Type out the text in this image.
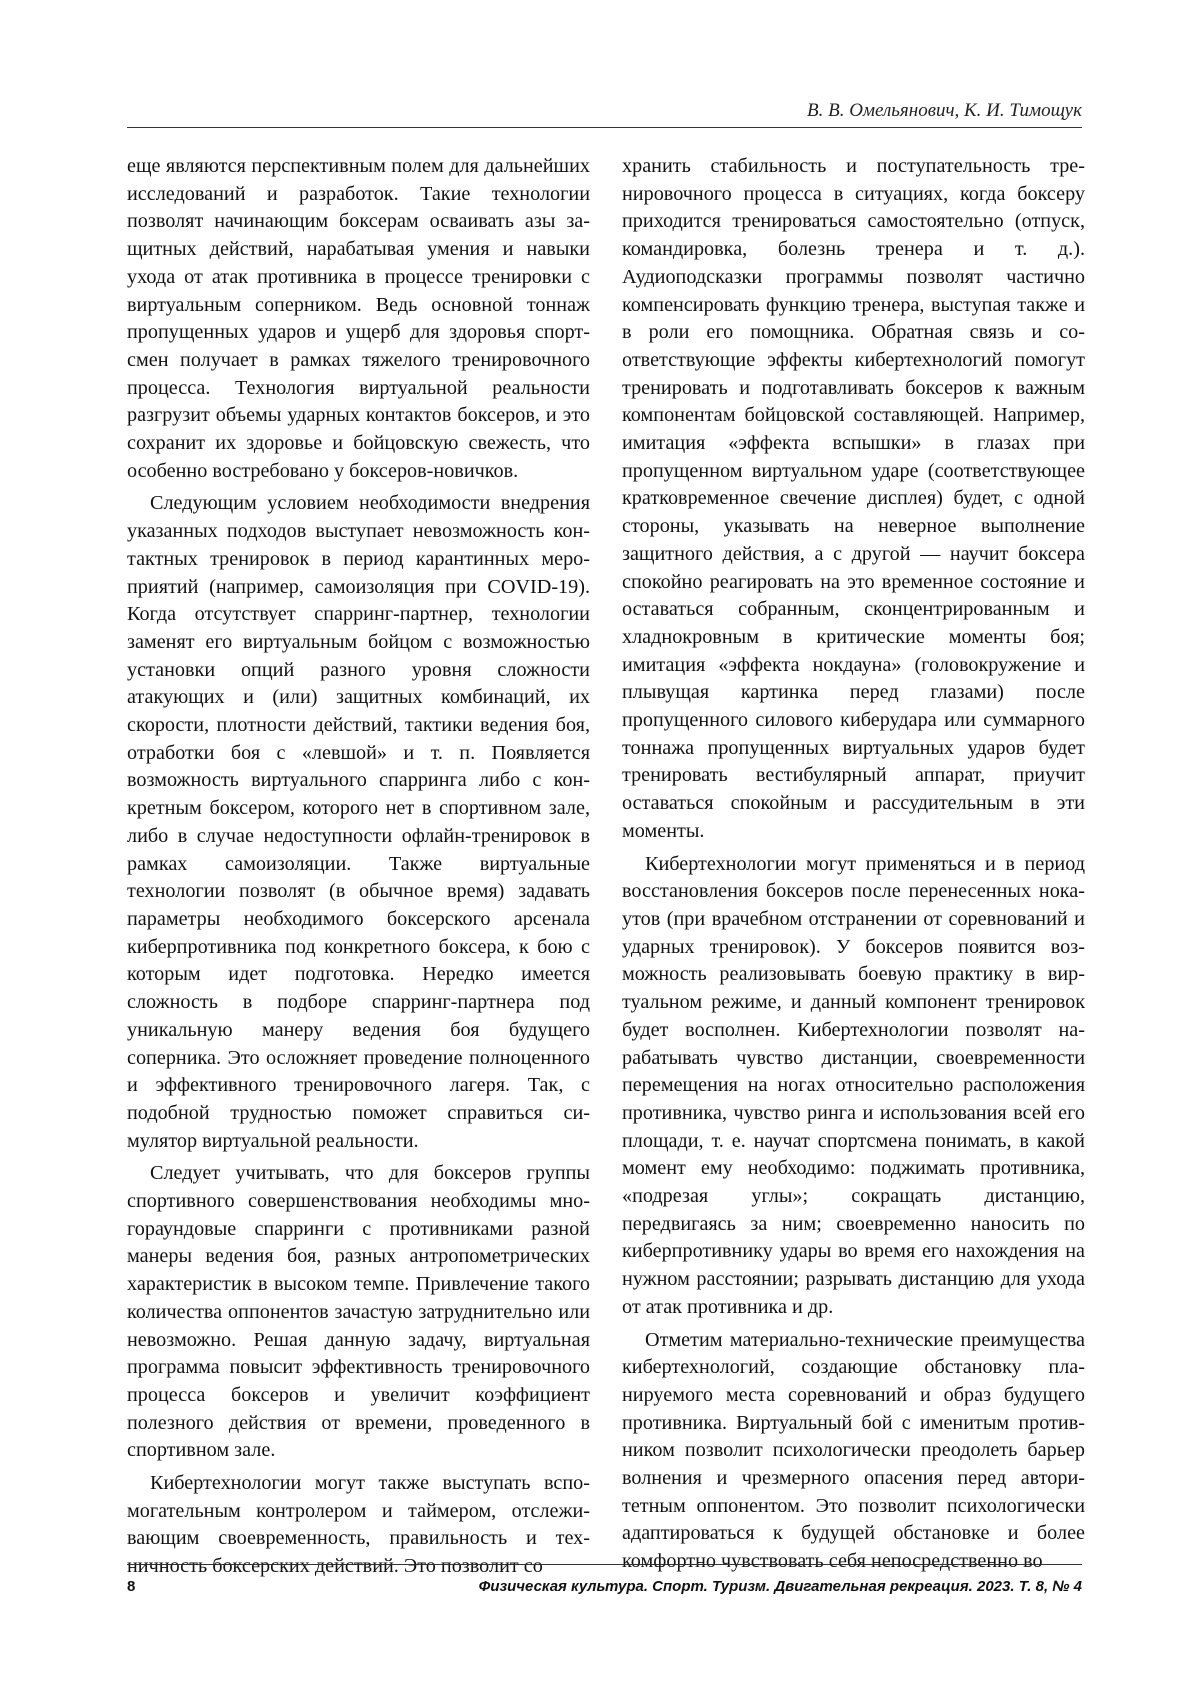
В. В. Омельянович, К. И. Тимощук

еще являются перспективным полем для дальнейших исследований и разработок. Такие технологии позволят начинающим боксерам осваивать азы защитных действий, нарабатывая умения и навыки ухода от атак противника в процессе тренировки с виртуальным соперником. Ведь основной тоннаж пропущенных ударов и ущерб для здоровья спортсмен получает в рамках тяжелого тренировочного процесса. Технология виртуальной реальности разгрузит объемы ударных контактов боксеров, и это сохранит их здоровье и бойцовскую свежесть, что особенно востребовано у боксеров-новичков.

Следующим условием необходимости внедрения указанных подходов выступает невозможность контактных тренировок в период карантинных мероприятий (например, самоизоляция при COVID-19). Когда отсутствует спарринг-партнер, технологии заменят его виртуальным бойцом с возможностью установки опций разного уровня сложности атакующих и (или) защитных комбинаций, их скорости, плотности действий, тактики ведения боя, отработки боя с «левшой» и т. п. Появляется возможность виртуального спарринга либо с конкретным боксером, которого нет в спортивном зале, либо в случае недоступности офлайн-тренировок в рамках самоизоляции. Также виртуальные технологии позволят (в обычное время) задавать параметры необходимого боксерского арсенала киберпротивника под конкретного боксера, к бою с которым идет подготовка. Нередко имеется сложность в подборе спарринг-партнера под уникальную манеру ведения боя будущего соперника. Это осложняет проведение полноценного и эффективного тренировочного лагеря. Так, с подобной трудностью поможет справиться симулятор виртуальной реальности.

Следует учитывать, что для боксеров группы спортивного совершенствования необходимы многораундовые спарринги с противниками разной манеры ведения боя, разных антропометрических характеристик в высоком темпе. Привлечение такого количества оппонентов зачастую затруднительно или невозможно. Решая данную задачу, виртуальная программа повысит эффективность тренировочного процесса боксеров и увеличит коэффициент полезного действия от времени, проведенного в спортивном зале.

Кибертехнологии могут также выступать вспомогательным контролером и таймером, отслеживающим своевременность, правильность и техничность боксерских действий. Это позволит со

хранить стабильность и поступательность тренировочного процесса в ситуациях, когда боксеру приходится тренироваться самостоятельно (отпуск, командировка, болезнь тренера и т. д.). Аудиоподсказки программы позволят частично компенсировать функцию тренера, выступая также и в роли его помощника. Обратная связь и соответствующие эффекты кибертехнологий помогут тренировать и подготавливать боксеров к важным компонентам бойцовской составляющей. Например, имитация «эффекта вспышки» в глазах при пропущенном виртуальном ударе (соответствующее кратковременное свечение дисплея) будет, с одной стороны, указывать на неверное выполнение защитного действия, а с другой — научит боксера спокойно реагировать на это временное состояние и оставаться собранным, сконцентрированным и хладнокровным в критические моменты боя; имитация «эффекта нокдауна» (головокружение и плывущая картинка перед глазами) после пропущенного силового киберудара или суммарного тоннажа пропущенных виртуальных ударов будет тренировать вестибулярный аппарат, приучит оставаться спокойным и рассудительным в эти моменты.

Кибертехнологии могут применяться и в период восстановления боксеров после перенесенных нокаутов (при врачебном отстранении от соревнований и ударных тренировок). У боксеров появится возможность реализовывать боевую практику в виртуальном режиме, и данный компонент тренировок будет восполнен. Кибертехнологии позволят нарабатывать чувство дистанции, своевременности перемещения на ногах относительно расположения противника, чувство ринга и использования всей его площади, т. е. научат спортсмена понимать, в какой момент ему необходимо: поджимать противника, «подрезая углы»; сокращать дистанцию, передвигаясь за ним; своевременно наносить по киберпротивнику удары во время его нахождения на нужном расстоянии; разрывать дистанцию для ухода от атак противника и др.

Отметим материально-технические преимущества кибертехнологий, создающие обстановку планируемого места соревнований и образ будущего противника. Виртуальный бой с именитым противником позволит психологически преодолеть барьер волнения и чрезмерного опасения перед авторитетным оппонентом. Это позволит психологически адаптироваться к будущей обстановке и более комфортно чувствовать себя непосредственно во

8	Физическая культура. Спорт. Туризм. Двигательная рекреация. 2023. Т. 8, № 4
